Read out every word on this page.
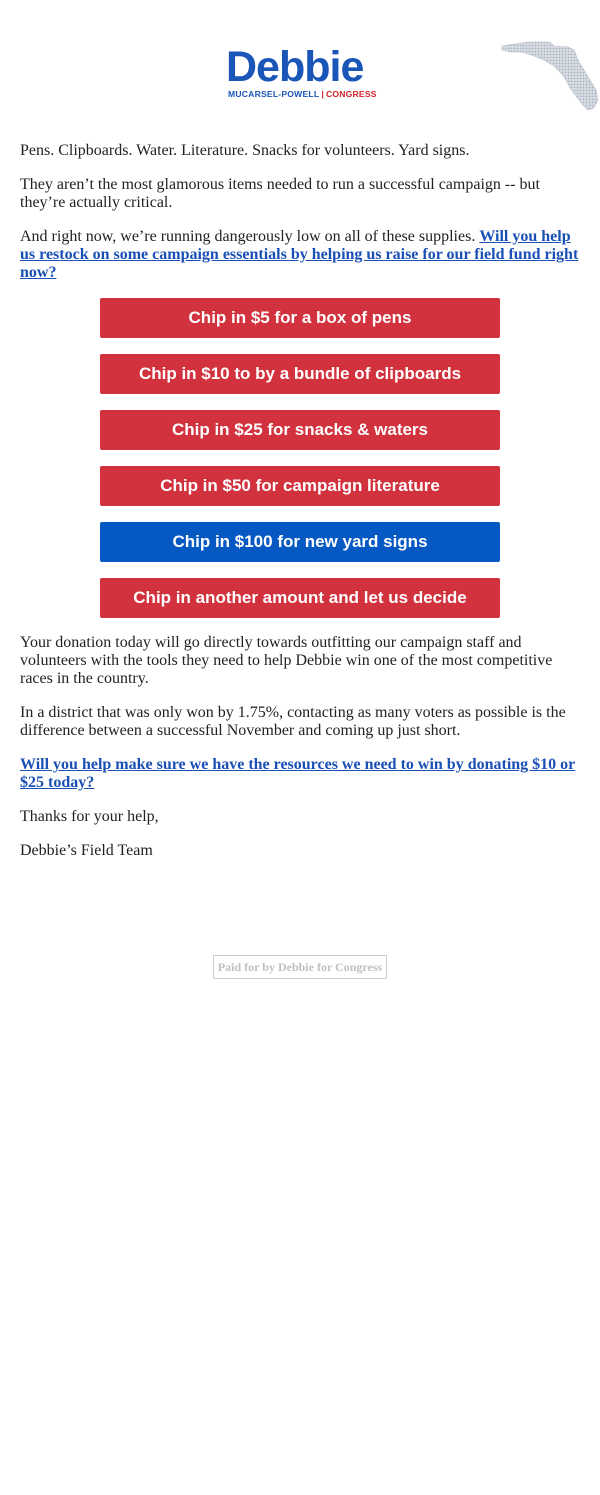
Debbie
MUCARSEL-POWELL | CONGRESS

Pens. Clipboards. Water. Literature. Snacks for volunteers. Yard signs.

They aren’t the most glamorous items needed to run a successful campaign -- but they’re actually critical.

And right now, we’re running dangerously low on all of these supplies. Will you help us restock on some campaign essentials by helping us raise for our field fund right now?

Chip in $5 for a box of pens
Chip in $10 to by a bundle of clipboards
Chip in $25 for snacks & waters
Chip in $50 for campaign literature
Chip in $100 for new yard signs
Chip in another amount and let us decide

Your donation today will go directly towards outfitting our campaign staff and volunteers with the tools they need to help Debbie win one of the most competitive races in the country.

In a district that was only won by 1.75%, contacting as many voters as possible is the difference between a successful November and coming up just short.

Will you help make sure we have the resources we need to win by donating $10 or $25 today?

Thanks for your help,

Debbie’s Field Team

Paid for by Debbie for Congress
